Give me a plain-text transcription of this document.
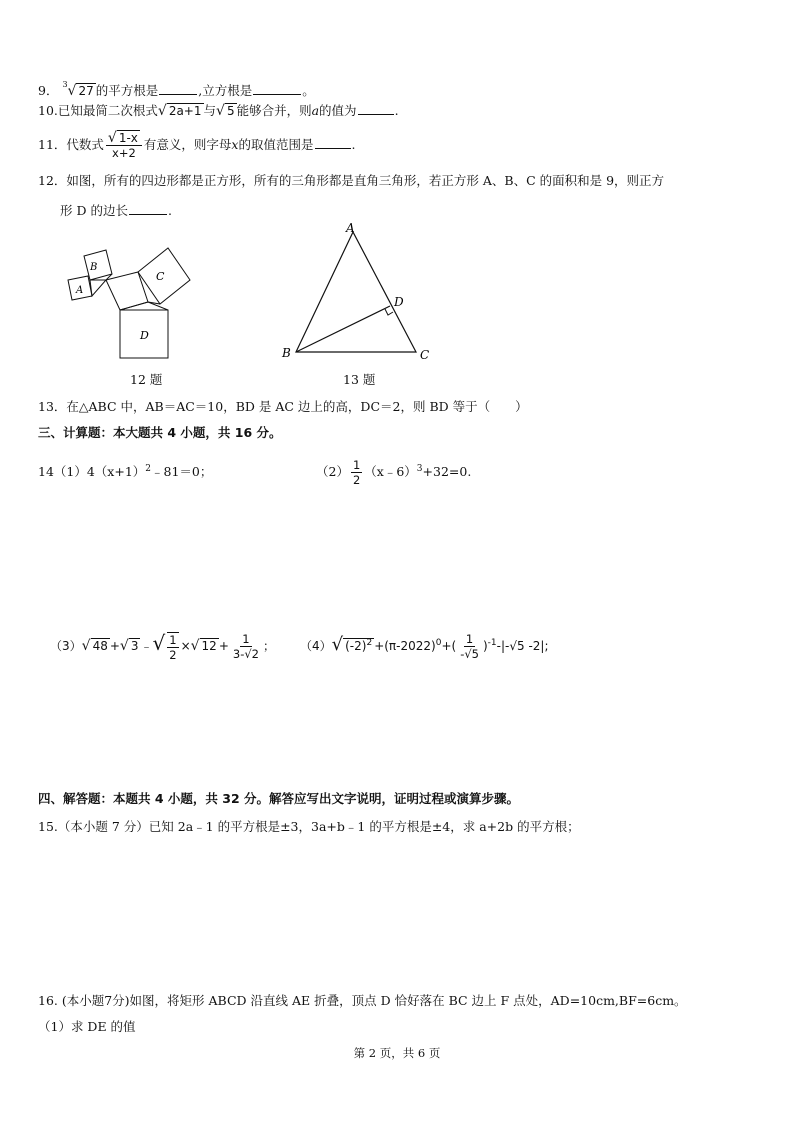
9． $^3$√ 27 的平方根是	,立方根是	。
10.已知最简二次根式√ 2a+1 与√ 5 能够合并，则a的值为	.
11．代数式 $\frac{√ 1-x}{x+2}$ 有意义，则字母x的取值范围是	.
12．如图，所有的四边形都是正方形，所有的三角形都是直角三角形，若正方形 A、B、C 的面积和是 9，则正方
形 D 的边长	.
B
A
C
D
12 题
A
B	C
D
13 题
13．在△ABC 中，AB＝AC＝10，BD 是 AC 边上的高，DC＝2，则 BD 等于（　　）
三、计算题：本大题共 4 小题，共 16 分。
$14(1)4(x+1)^2﹣81=0$；	$(2) \frac{1}{2}$ （x﹣6）$^3$+32=0.
（3）√ 48 +√ 3 ﹣√ $\frac{1}{2}$ ×√ $12 + \frac{1}{3-√2}$ ； （4）√ $(-2)^2 +(\pi-2022)^0+( \frac{1}{-√5} )^{-1}-|-√5$ -2|;
四、解答题：本题共 4 小题，共 32 分。解答应写出文字说明，证明过程或演算步骤。
15.（本小题 7 分）已知 2a﹣1 的平方根是±3，3a+b﹣1 的平方根是±4，求 a+2b 的平方根；
16. (本小题7分)如图，将矩形 ABCD 沿直线 AE 折叠，顶点 D 恰好落在 BC 边上 F 点处，AD=10cm,BF=6cm。
（1）求 DE 的值
第 2 页，共 6 页
